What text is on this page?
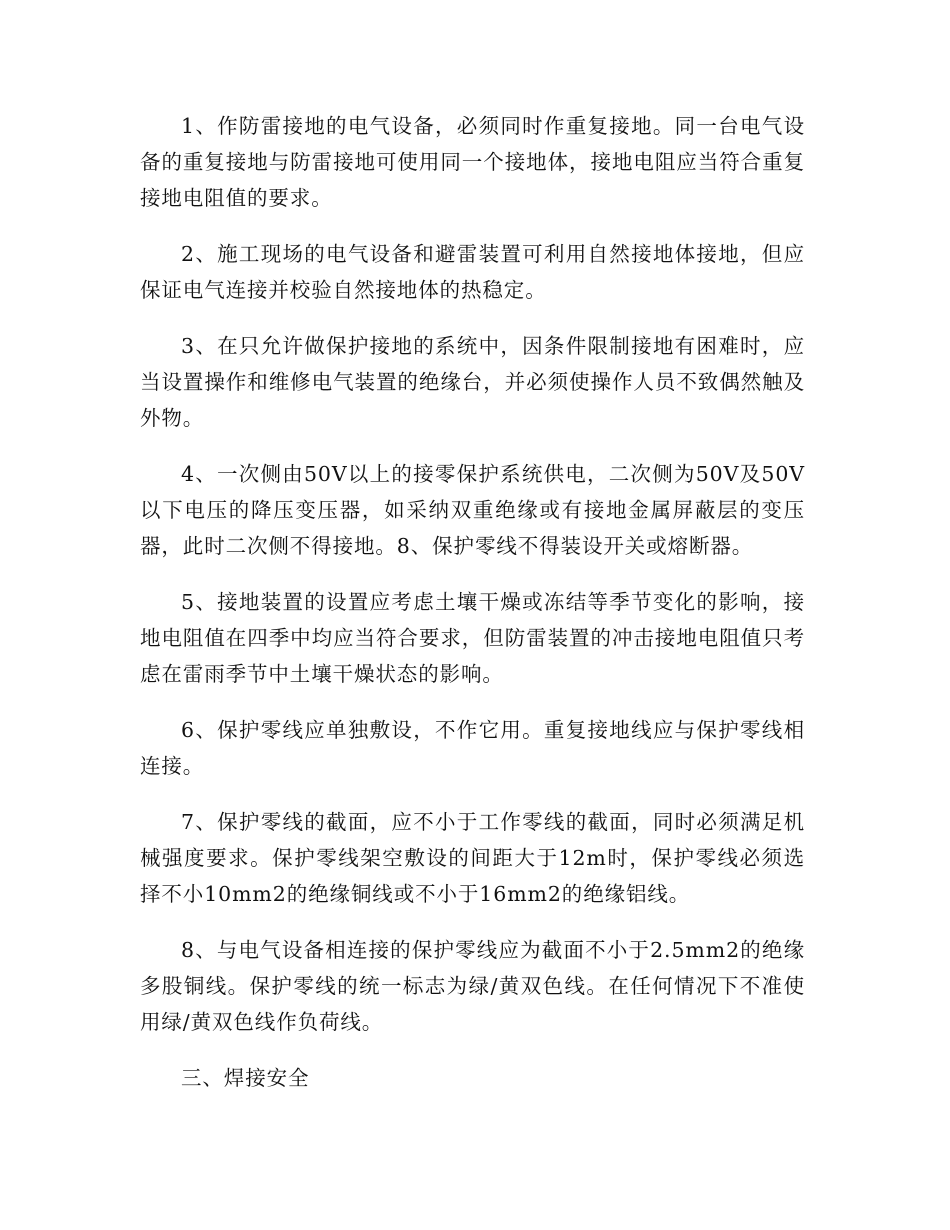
1、作防雷接地的电气设备，必须同时作重复接地。同一台电气设备的重复接地与防雷接地可使用同一个接地体，接地电阻应当符合重复接地电阻值的要求。

2、施工现场的电气设备和避雷装置可利用自然接地体接地，但应保证电气连接并校验自然接地体的热稳定。

3、在只允许做保护接地的系统中，因条件限制接地有困难时，应当设置操作和维修电气装置的绝缘台，并必须使操作人员不致偶然触及外物。

4、一次侧由50V以上的接零保护系统供电，二次侧为50V及50V以下电压的降压变压器，如采纳双重绝缘或有接地金属屏蔽层的变压器，此时二次侧不得接地。8、保护零线不得装设开关或熔断器。

5、接地装置的设置应考虑土壤干燥或冻结等季节变化的影响，接地电阻值在四季中均应当符合要求，但防雷装置的冲击接地电阻值只考虑在雷雨季节中土壤干燥状态的影响。

6、保护零线应单独敷设，不作它用。重复接地线应与保护零线相连接。

7、保护零线的截面，应不小于工作零线的截面，同时必须满足机械强度要求。保护零线架空敷设的间距大于12m时，保护零线必须选择不小10mm2的绝缘铜线或不小于16mm2的绝缘铝线。

8、与电气设备相连接的保护零线应为截面不小于2.5mm2的绝缘多股铜线。保护零线的统一标志为绿/黄双色线。在任何情况下不准使用绿/黄双色线作负荷线。

三、焊接安全
